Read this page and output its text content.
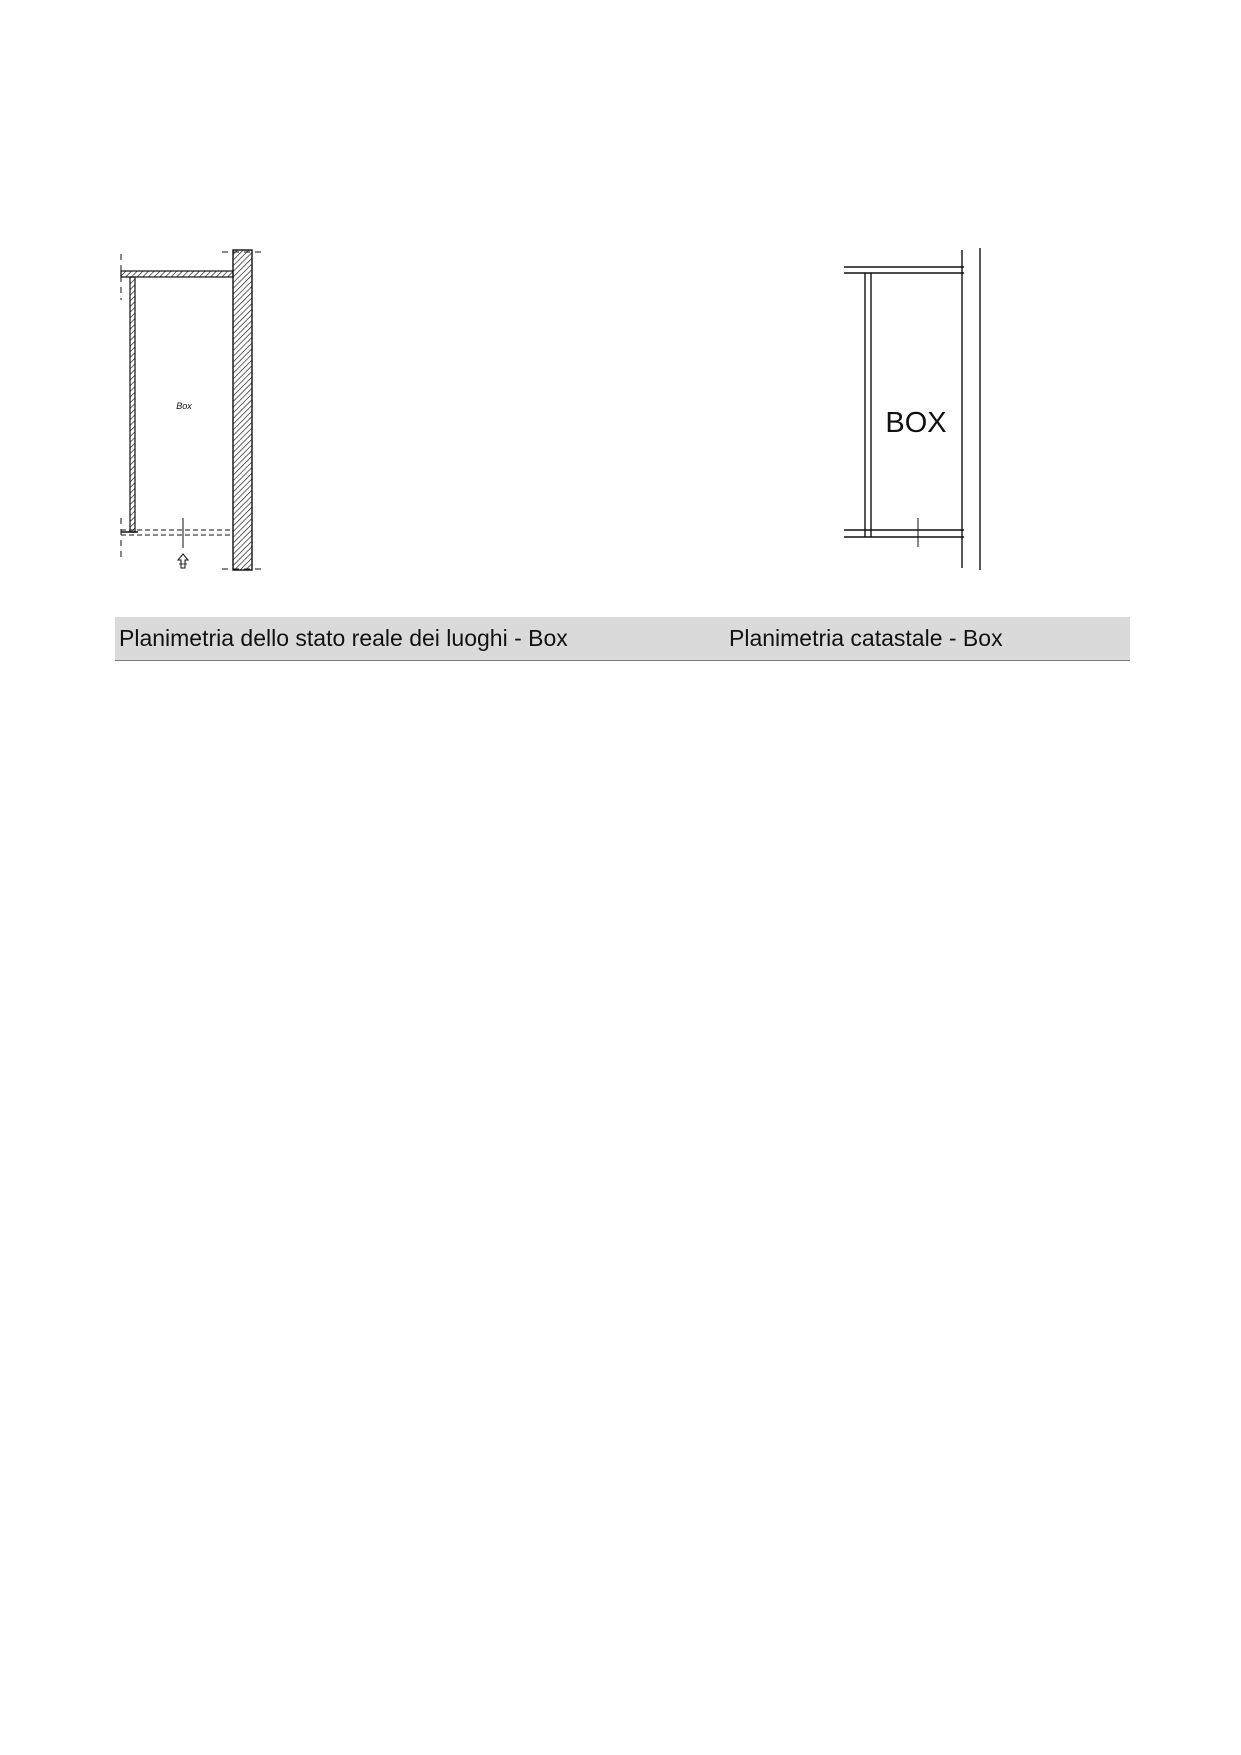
Box
BOX
Planimetria dello stato reale dei luoghi - Box	Planimetria catastale - Box
